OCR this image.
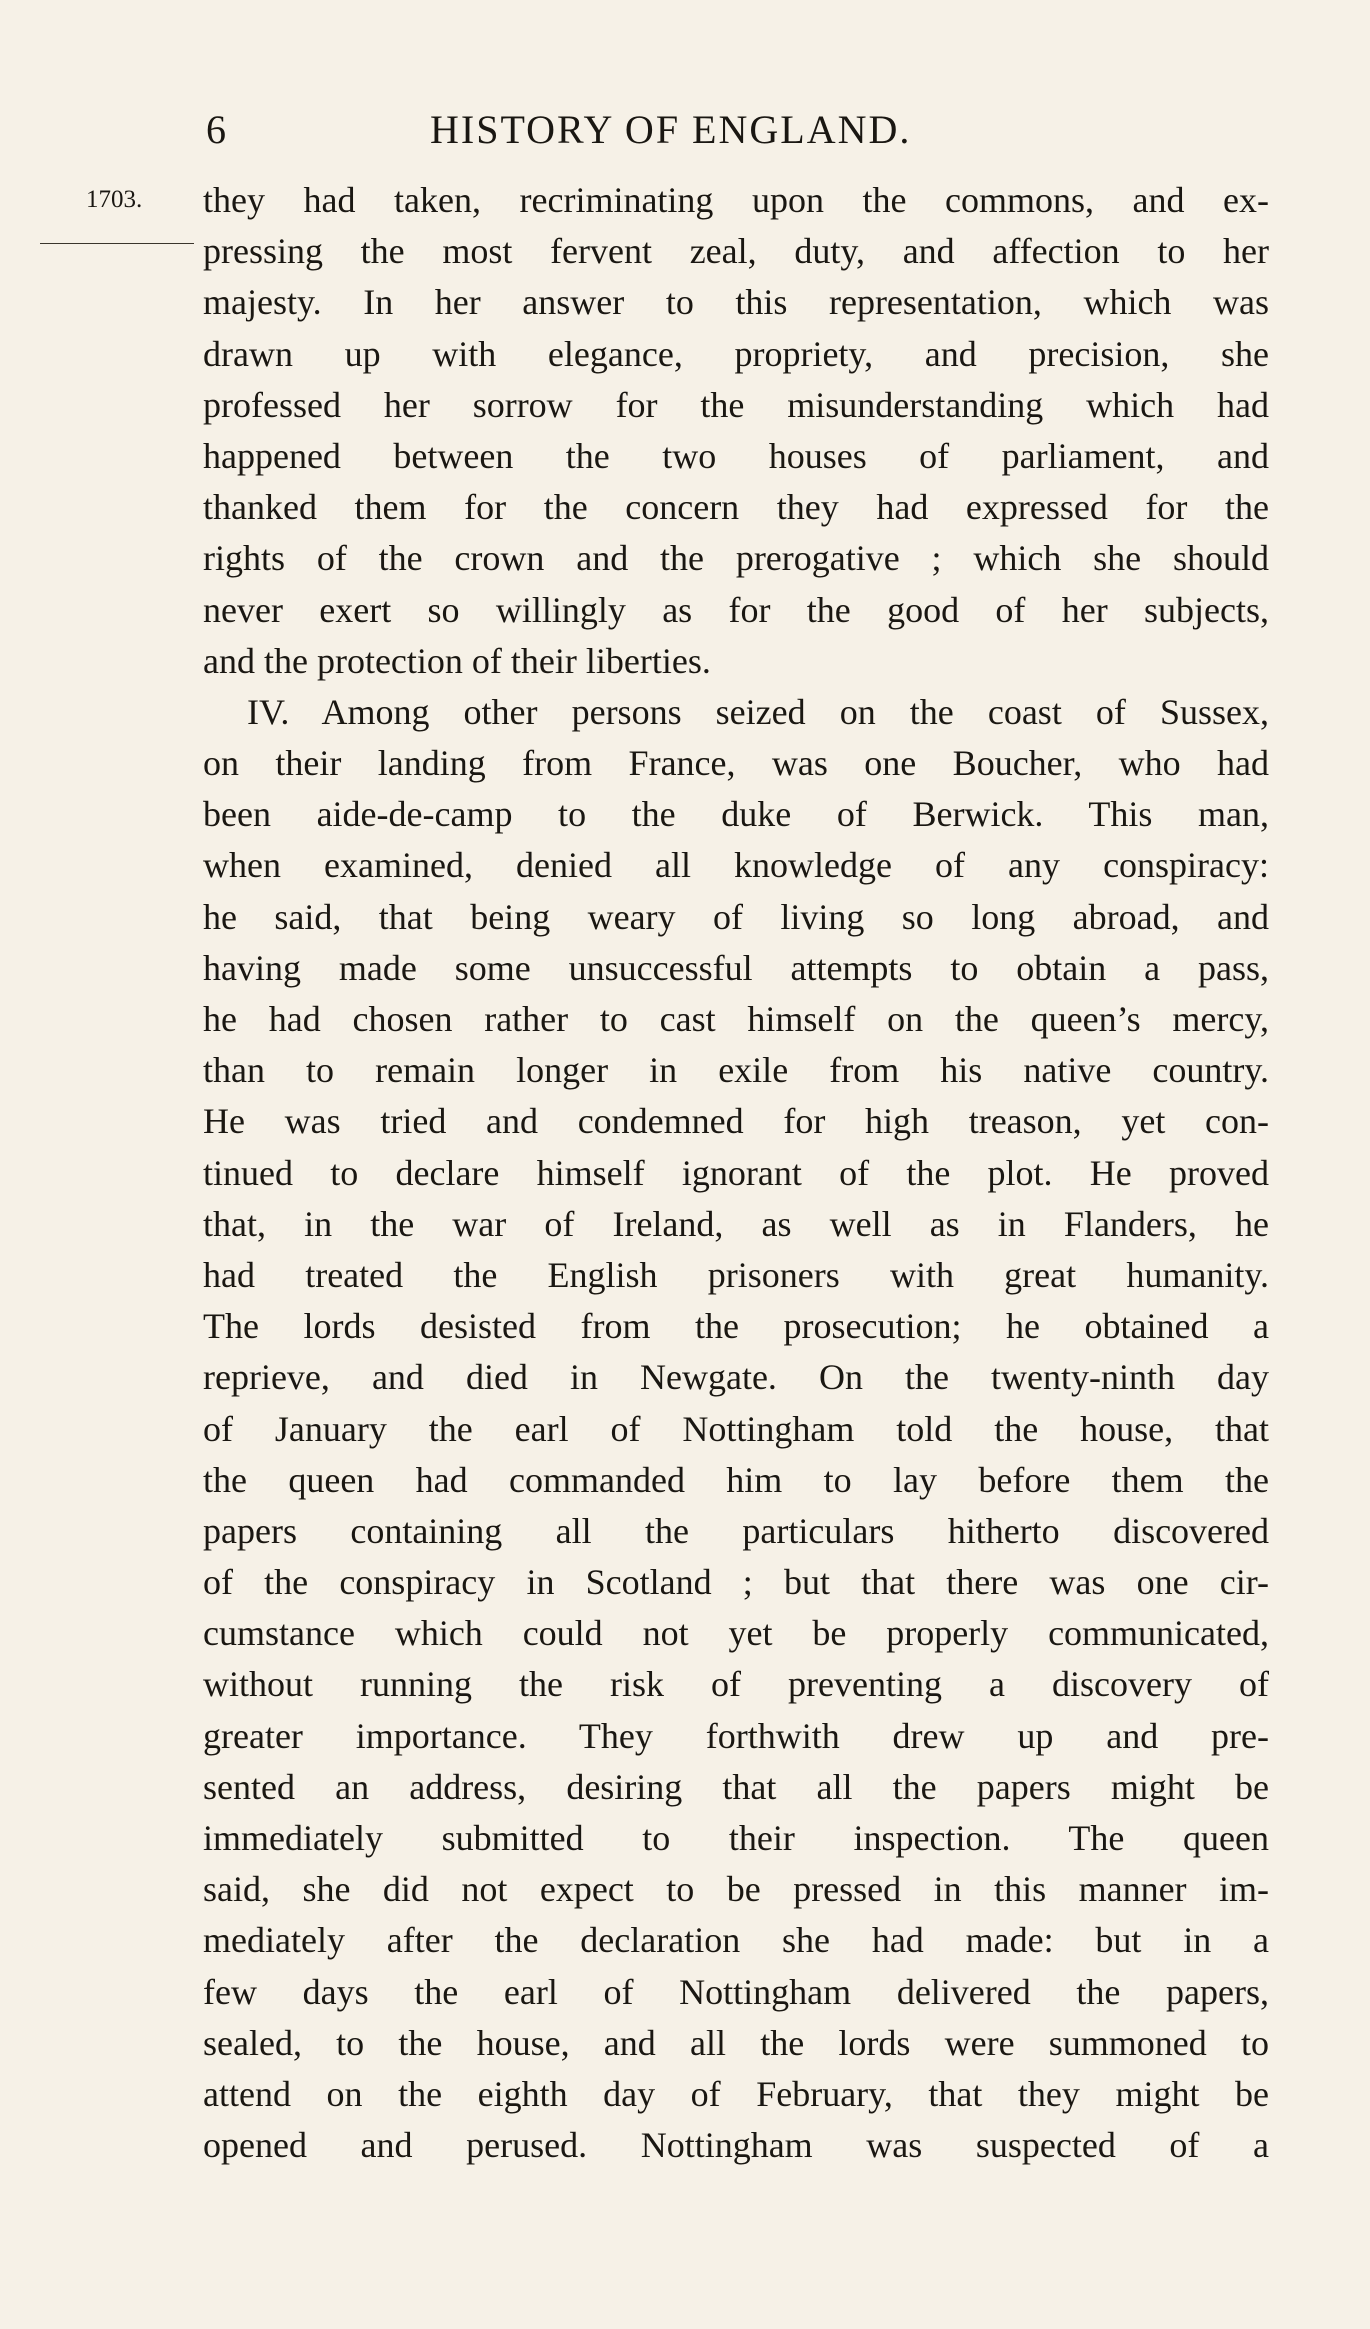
6	HISTORY OF ENGLAND.
1703. they had taken, recriminating upon the commons, and ex-
pressing the most fervent zeal, duty, and affection to her
majesty. In her answer to this representation, which was
drawn up with elegance, propriety, and precision, she
professed her sorrow for the misunderstanding which had
happened between the two houses of parliament, and
thanked them for the concern they had expressed for the
rights of the crown and the prerogative ; which she should
never exert so willingly as for the good of her subjects,
and the protection of their liberties.
IV. Among other persons seized on the coast of Sussex,
on their landing from France, was one Boucher, who had
been aide-de-camp to the duke of Berwick. This man,
when examined, denied all knowledge of any conspiracy:
he said, that being weary of living so long abroad, and
having made some unsuccessful attempts to obtain a pass,
he had chosen rather to cast himself on the queen’s mercy,
than to remain longer in exile from his native country.
He was tried and condemned for high treason, yet con-
tinued to declare himself ignorant of the plot. He proved
that, in the war of Ireland, as well as in Flanders, he
had treated the English prisoners with great humanity.
The lords desisted from the prosecution; he obtained a
reprieve, and died in Newgate. On the twenty-ninth day
of January the earl of Nottingham told the house, that
the queen had commanded him to lay before them the
papers containing all the particulars hitherto discovered
of the conspiracy in Scotland ; but that there was one cir-
cumstance which could not yet be properly communicated,
without running the risk of preventing a discovery of
greater importance. They forthwith drew up and pre-
sented an address, desiring that all the papers might be
immediately submitted to their inspection. The queen
said, she did not expect to be pressed in this manner im-
mediately after the declaration she had made: but in a
few days the earl of Nottingham delivered the papers,
sealed, to the house, and all the lords were summoned to
attend on the eighth day of February, that they might be
opened and perused. Nottingham was suspected of a
